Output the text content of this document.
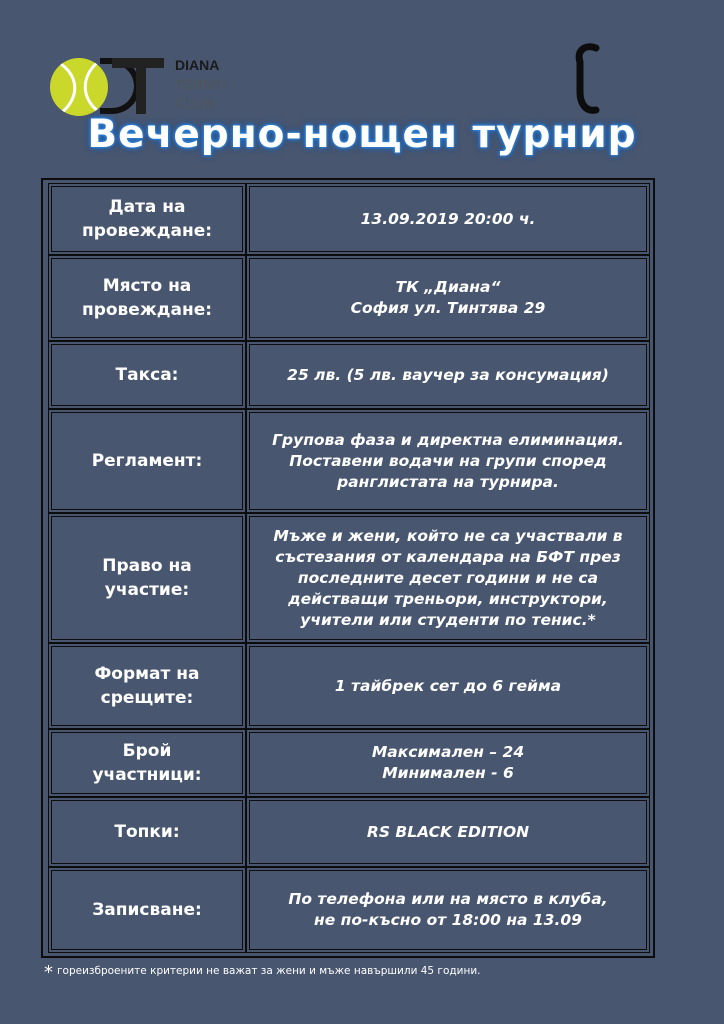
DIANA
TENNIS
CLUB
Вечерно-нощен турнир
Дата на
провеждане:
13.09.2019 20:00 ч.
Място на
провеждане:
ТК „Диана“
София ул. Тинтява 29
Такса:	25 лв. (5 лв. ваучер за консумация)
Регламент:
Групова фаза и директна елиминация.
Поставени водачи на групи според
ранглистата на турнира.
Право на
участие:
Мъже и жени, който не са участвали в
състезания от календара на БФТ през
последните десет години и не са
действащи треньори, инструктори,
учители или студенти по тенис.*
Формат на
срещите:
1 тайбрек сет до 6 гейма
Брой
участници:
Максимален – 24
Минимален - 6
Топки:	RS BLACK EDITION
Записване:
По телефона или на място в клуба,
не по-късно от 18:00 на 13.09
* гореизброените критерии не важат за жени и мъже навършили 45 години.
